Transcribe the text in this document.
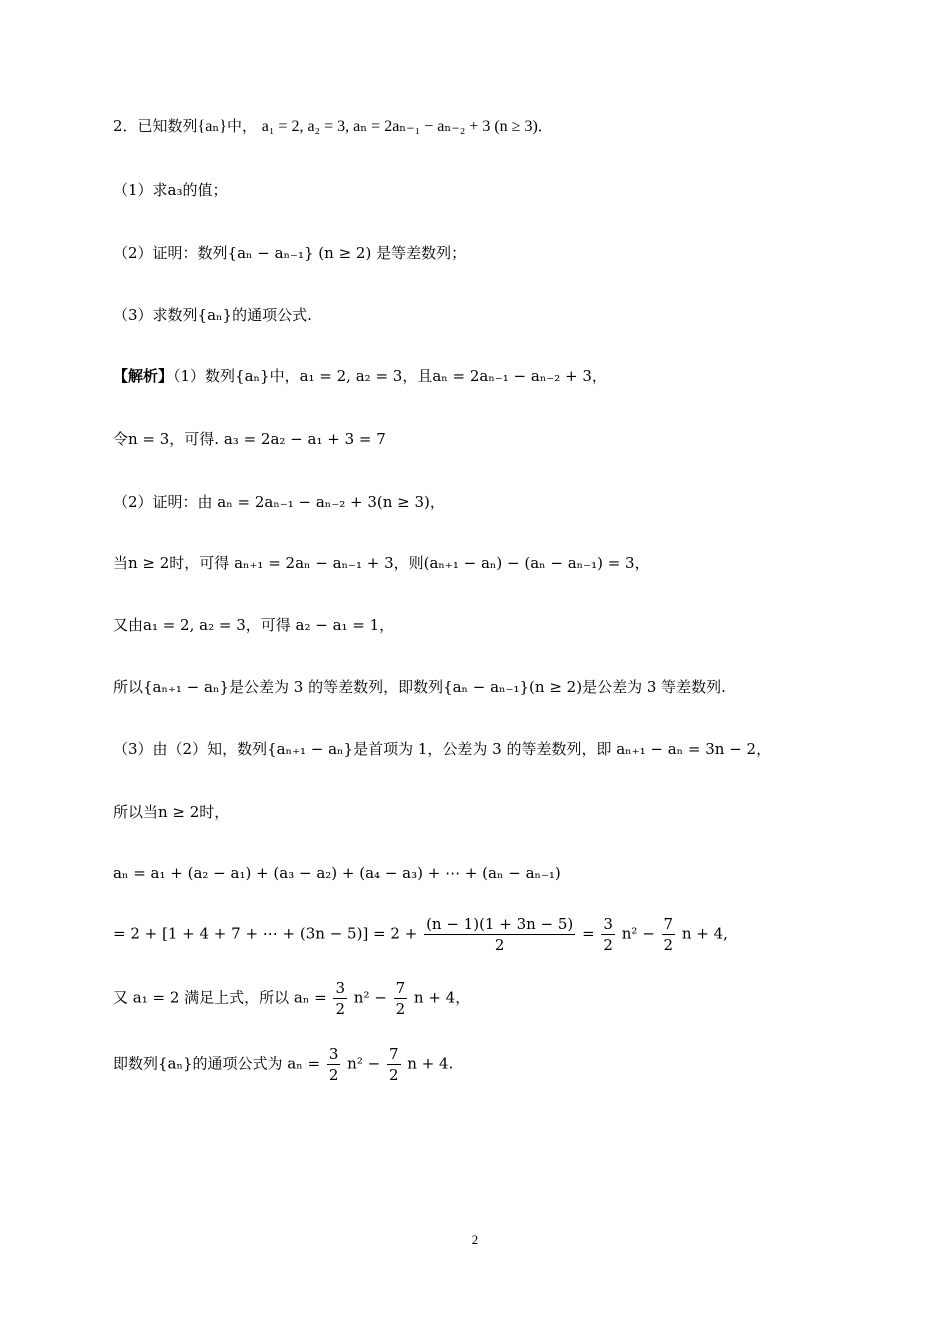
2．已知数列{aₙ}中， a₁ = 2, a₂ = 3, aₙ = 2aₙ₋₁ − aₙ₋₂ + 3 (n ≥ 3)．
（1）求a₃的值；
（2）证明：数列{aₙ − aₙ₋₁} (n ≥ 2) 是等差数列；
（3）求数列{aₙ}的通项公式.
【解析】（1）数列{aₙ}中，a₁ = 2, a₂ = 3，且aₙ = 2aₙ₋₁ − aₙ₋₂ + 3，
令n = 3，可得. a₃ = 2a₂ − a₁ + 3 = 7
（2）证明：由 aₙ = 2aₙ₋₁ − aₙ₋₂ + 3(n ≥ 3)，
当n ≥ 2时，可得 aₙ₊₁ = 2aₙ − aₙ₋₁ + 3，则(aₙ₊₁ − aₙ) − (aₙ − aₙ₋₁) = 3，
又由a₁ = 2, a₂ = 3，可得 a₂ − a₁ = 1，
所以{aₙ₊₁ − aₙ}是公差为 3 的等差数列，即数列{aₙ − aₙ₋₁}(n ≥ 2)是公差为 3 等差数列.
（3）由（2）知，数列{aₙ₊₁ − aₙ}是首项为 1，公差为 3 的等差数列，即 aₙ₊₁ − aₙ = 3n − 2，
所以当n ≥ 2时，
aₙ = a₁ + (a₂ − a₁) + (a₃ − a₂) + (a₄ − a₃) + ⋯ + (aₙ − aₙ₋₁)
= 2 + [1 + 4 + 7 + ⋯ + $(3n - 5)] = 2 + \frac{(n - 1)(1 + 3n - 5)}{2} = \frac{3}{2} n^2 - \frac{7}{2}$ n + 4,
又 a₁ = 2 满足上式，所以 $a_n = \frac{3}{2} n^2 - \frac{7}{2}$ n + 4，
即数列{aₙ}的通项公式为 $a_n = \frac{3}{2} n^2 - \frac{7}{2}$ n + 4.
2
